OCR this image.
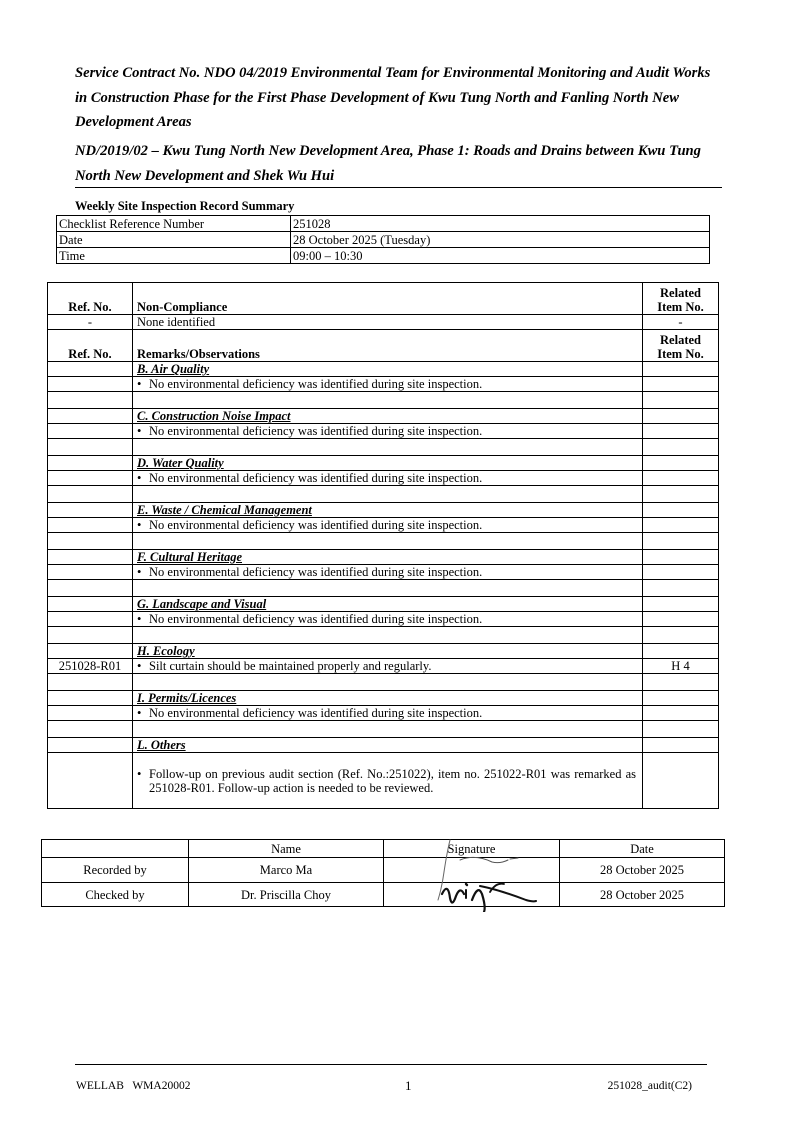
Service Contract No. NDO 04/2019 Environmental Team for Environmental Monitoring and Audit Works in Construction Phase for the First Phase Development of Kwu Tung North and Fanling North New Development Areas
ND/2019/02 – Kwu Tung North New Development Area, Phase 1: Roads and Drains between Kwu Tung North New Development and Shek Wu Hui
Weekly Site Inspection Record Summary
Checklist Reference Number	251028
Date	28 October 2025 (Tuesday)
Time	09:00 – 10:30
Ref. No.	Non-Compliance	Related Item No.
-	None identified	-
Ref. No.	Remarks/Observations	Related Item No.
	B. Air Quality	
	• No environmental deficiency was identified during site inspection.	

	C. Construction Noise Impact	
	• No environmental deficiency was identified during site inspection.	

	D. Water Quality	
	• No environmental deficiency was identified during site inspection.	

	E. Waste / Chemical Management	
	• No environmental deficiency was identified during site inspection.	

	F. Cultural Heritage	
	• No environmental deficiency was identified during site inspection.	

	G. Landscape and Visual	
	• No environmental deficiency was identified during site inspection.	

	H. Ecology	
251028-R01	• Silt curtain should be maintained properly and regularly.	H 4

	I. Permits/Licences	
	• No environmental deficiency was identified during site inspection.	

	L. Others	

	• Follow-up on previous audit section (Ref. No.:251022), item no. 251022-R01 was remarked as 251028-R01. Follow-up action is needed to be reviewed.	

	Name	Signature	Date
Recorded by	Marco Ma		28 October 2025
Checked by	Dr. Priscilla Choy		28 October 2025
WELLAB   WMA20002	1	251028_audit(C2)
